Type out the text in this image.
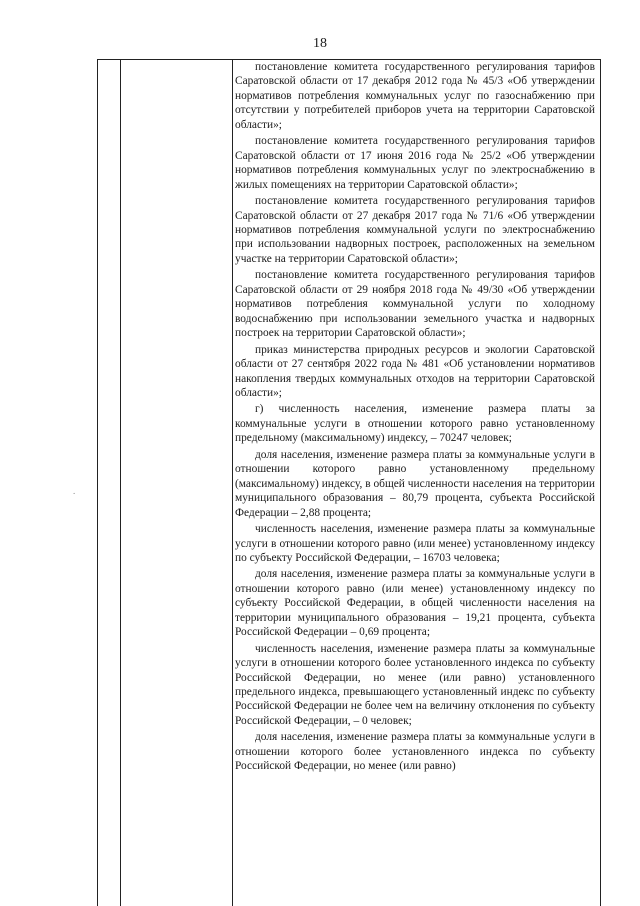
18
.

постановление комитета государственного регулирования тарифов Саратовской области от 17 декабря 2012 года № 45/3 «Об утверждении нормативов потребления коммунальных услуг по газоснабжению при отсутствии у потребителей приборов учета на территории Саратовской области»;

постановление комитета государственного регулирования тарифов Саратовской области от 17 июня 2016 года № 25/2 «Об утверждении нормативов потребления коммунальных услуг по электроснабжению в жилых помещениях на территории Саратовской области»;

постановление комитета государственного регулирования тарифов Саратовской области от 27 декабря 2017 года № 71/6 «Об утверждении нормативов потребления коммунальной услуги по электроснабжению при использовании надворных построек, расположенных на земельном участке на территории Саратовской области»;

постановление комитета государственного регулирования тарифов Саратовской области от 29 ноября 2018 года № 49/30 «Об утверждении нормативов потребления коммунальной услуги по холодному водоснабжению при использовании земельного участка и надворных построек на территории Саратовской области»;

приказ министерства природных ресурсов и экологии Саратовской области от 27 сентября 2022 года № 481 «Об установлении нормативов накопления твердых коммунальных отходов на территории Саратовской области»;

г) численность населения, изменение размера платы за коммунальные услуги в отношении которого равно установленному предельному (максимальному) индексу, – 70247 человек;

доля населения, изменение размера платы за коммунальные услуги в отношении которого равно установленному предельному (максимальному) индексу, в общей численности населения на территории муниципального образования – 80,79 процента, субъекта Российской Федерации – 2,88 процента;

численность населения, изменение размера платы за коммунальные услуги в отношении которого равно (или менее) установленному индексу по субъекту Российской Федерации, – 16703 человека;

доля населения, изменение размера платы за коммунальные услуги в отношении которого равно (или менее) установленному индексу по субъекту Российской Федерации, в общей численности населения на территории муниципального образования – 19,21 процента, субъекта Российской Федерации – 0,69 процента;

численность населения, изменение размера платы за коммунальные услуги в отношении которого более установленного индекса по субъекту Российской Федерации, но менее (или равно) установленного предельного индекса, превышающего установленный индекс по субъекту Российской Федерации не более чем на величину отклонения по субъекту Российской Федерации, – 0 человек;

доля населения, изменение размера платы за коммунальные услуги в отношении которого более установленного индекса по субъекту Российской Федерации, но менее (или равно)
